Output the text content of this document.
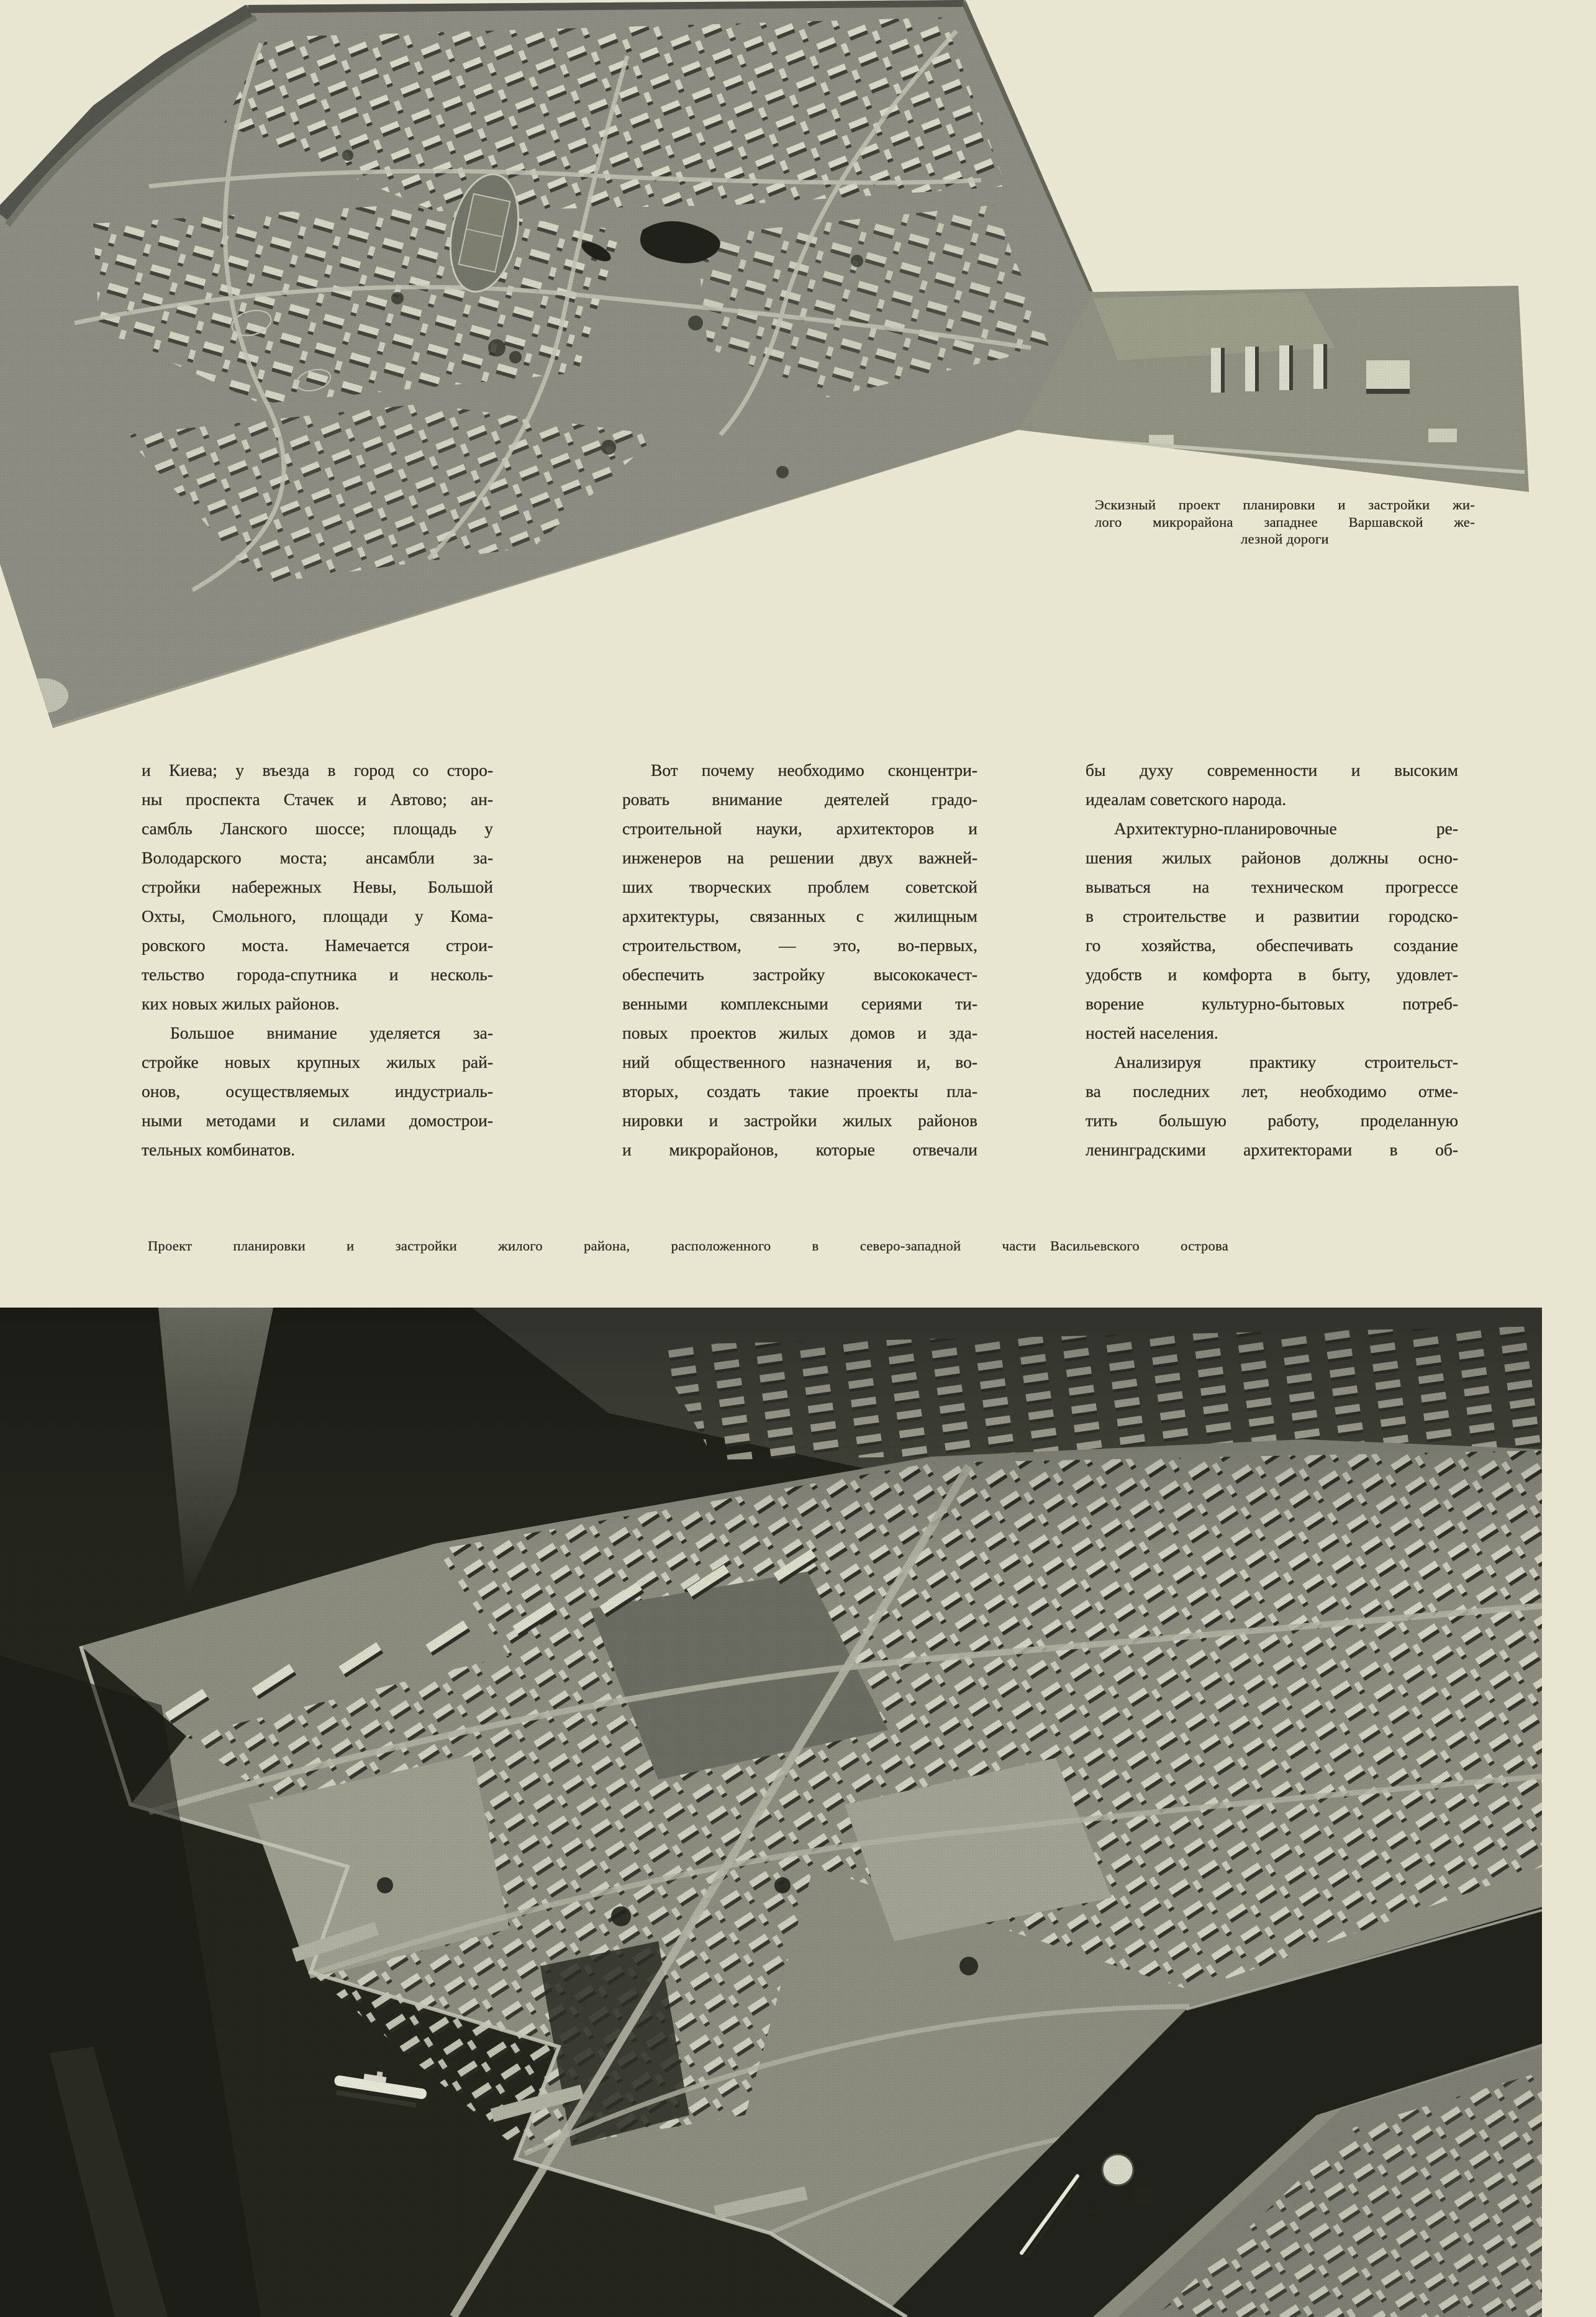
Эскизный проект планировки и застройки жи-
лого микрорайона западнее Варшавской же-
лезной дороги
и Киева; у въезда в город со сторо-
ны проспекта Стачек и Автово; ан-
самбль Ланского шоссе; площадь у
Володарского моста; ансамбли за-
стройки набережных Невы, Большой
Охты, Смольного, площади у Кома-
ровского моста. Намечается строи-
тельство города-спутника и несколь-
ких новых жилых районов.
Большое внимание уделяется за-
стройке новых крупных жилых рай-
онов, осуществляемых индустриаль-
ными методами и силами домострои-
тельных комбинатов.
Вот почему необходимо сконцентри-
ровать внимание деятелей градо-
строительной науки, архитекторов и
инженеров на решении двух важней-
ших творческих проблем советской
архитектуры, связанных с жилищным
строительством, — это, во-первых,
обеспечить застройку высококачест-
венными комплексными сериями ти-
повых проектов жилых домов и зда-
ний общественного назначения и, во-
вторых, создать такие проекты пла-
нировки и застройки жилых районов
и микрорайонов, которые отвечали
бы духу современности и высоким
идеалам советского народа.
Архитектурно-планировочные ре-
шения жилых районов должны осно-
вываться на техническом прогрессе
в строительстве и развитии городско-
го хозяйства, обеспечивать создание
удобств и комфорта в быту, удовлет-
ворение культурно-бытовых потреб-
ностей населения.
Анализируя практику строительст-
ва последних лет, необходимо отме-
тить большую работу, проделанную
ленинградскими архитекторами в об-
Проект планировки и застройки жилого района, расположенного в северо-западной части Васильевского острова
